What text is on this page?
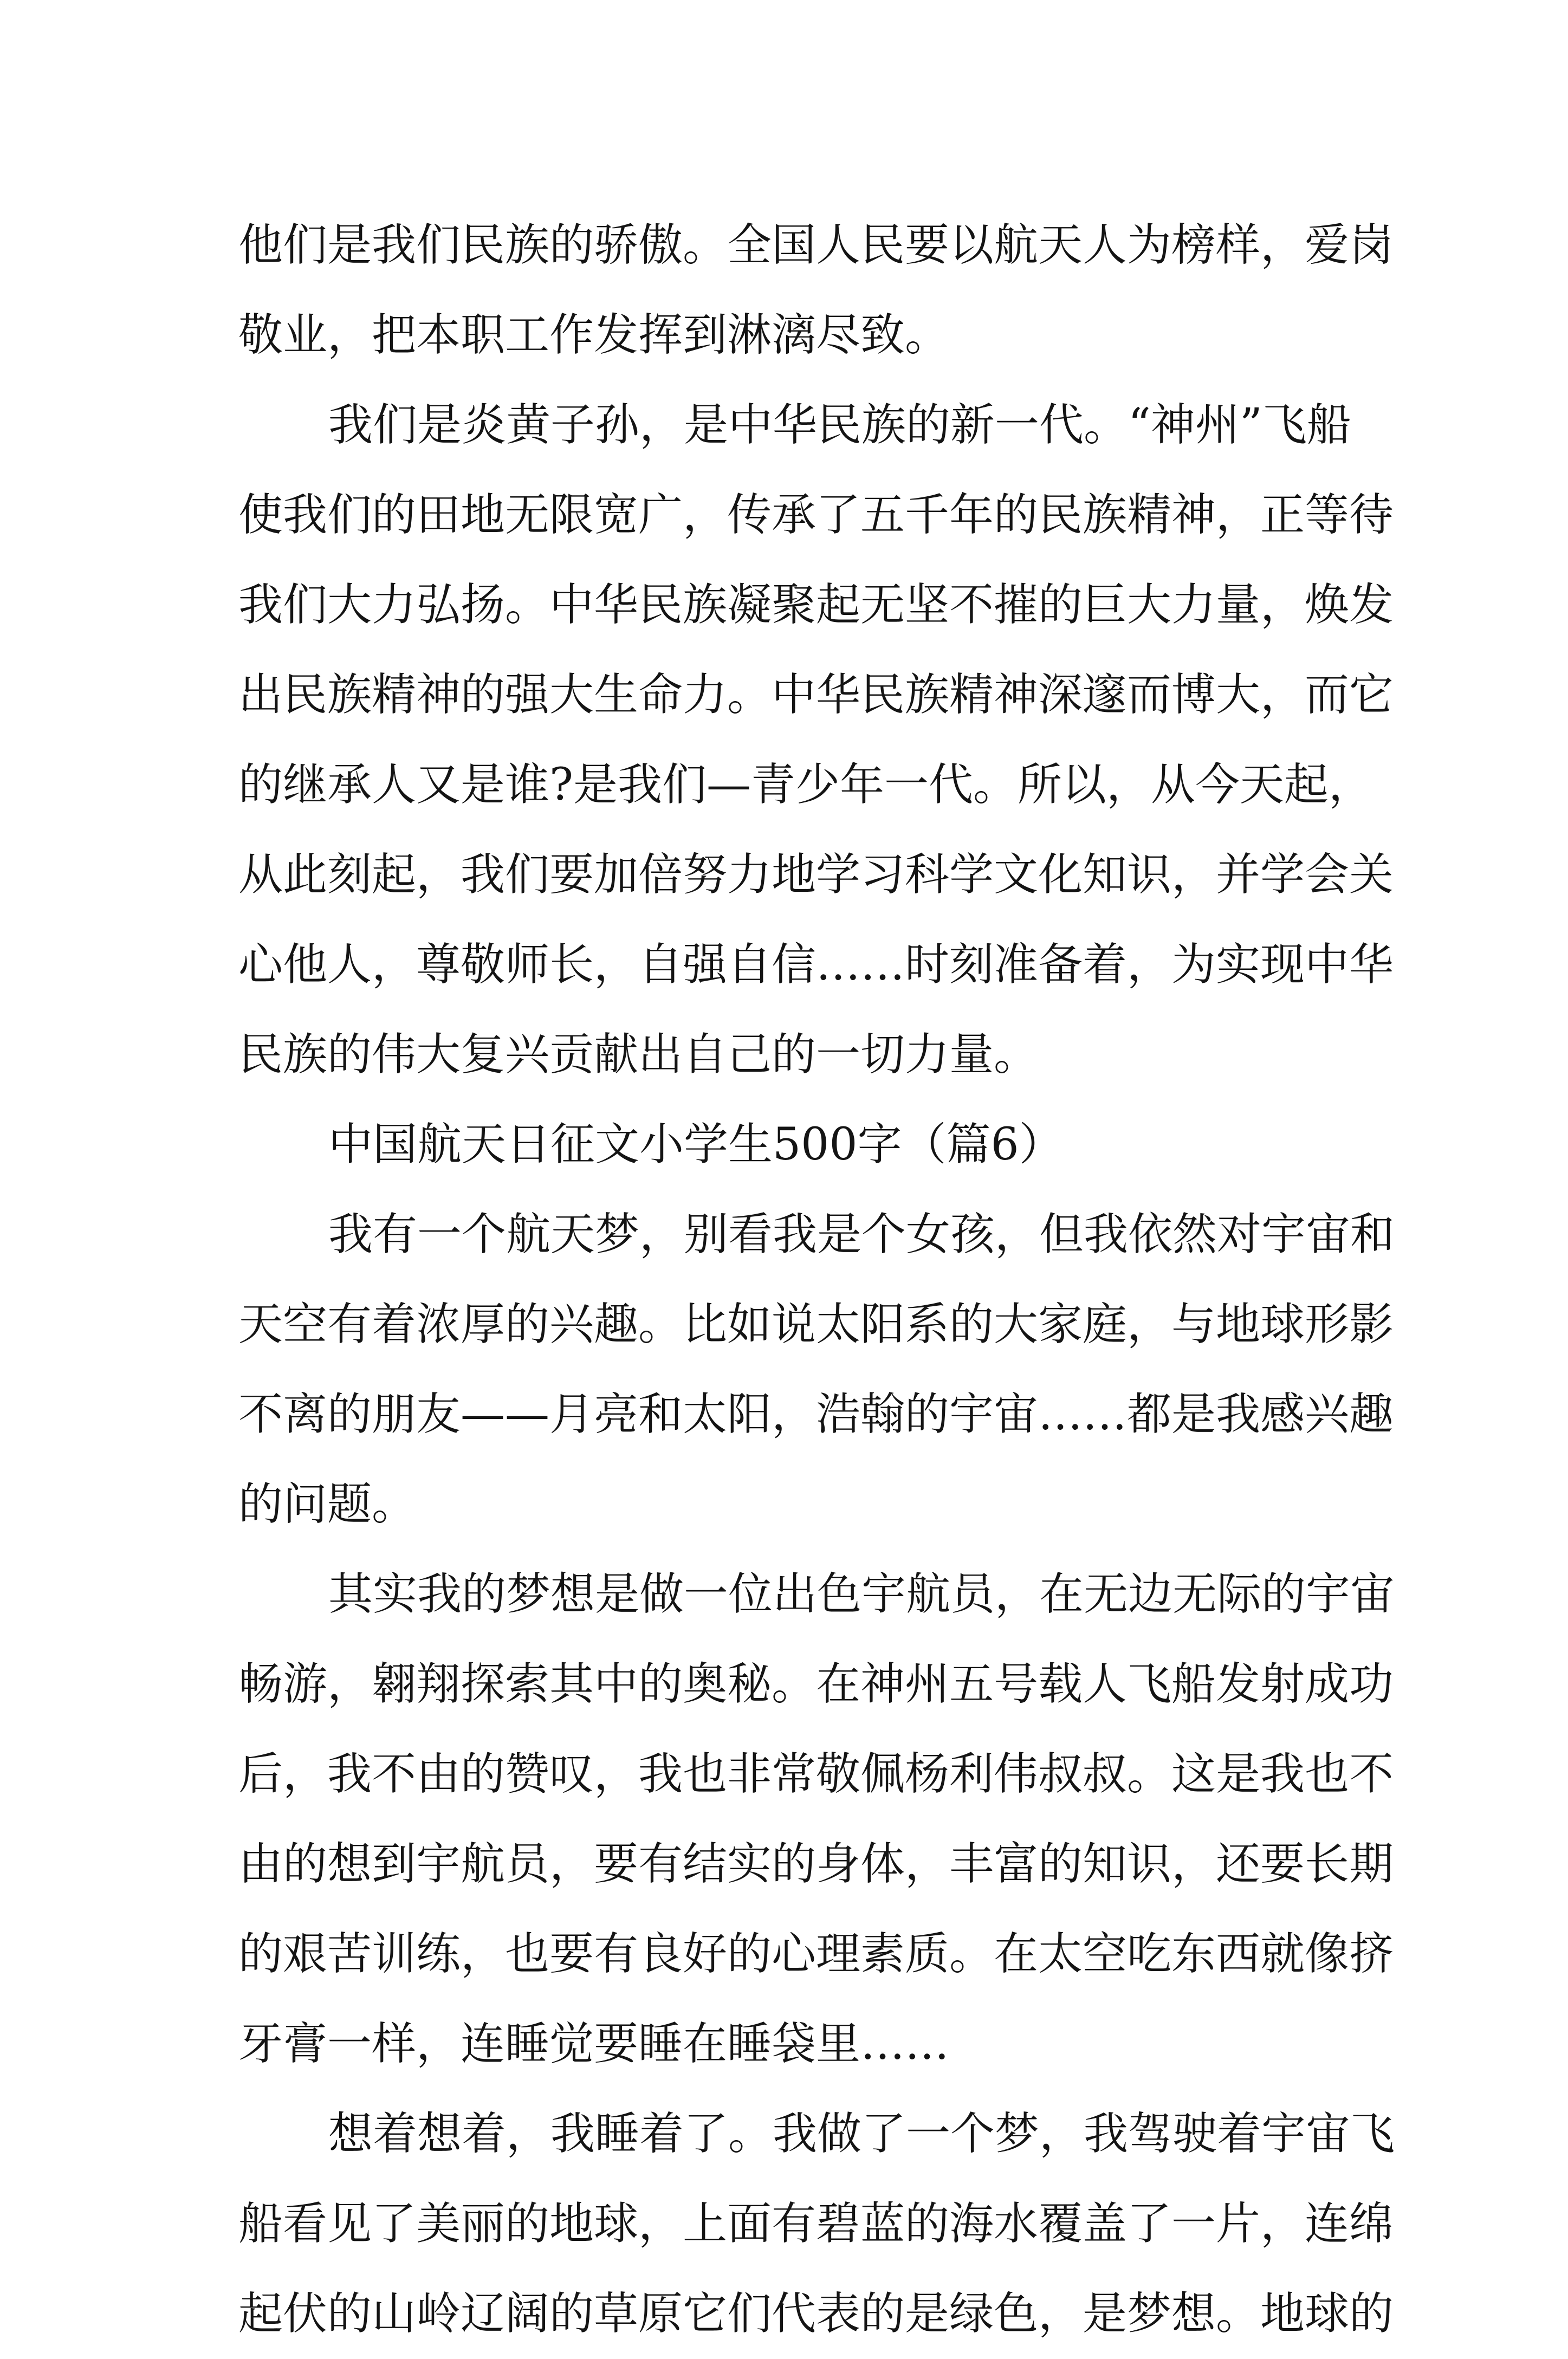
他们是我们民族的骄傲。全国人民要以航天人为榜样，爱岗
敬业，把本职工作发挥到淋漓尽致。
我们是炎黄子孙，是中华民族的新一代。“神州”飞船
使我们的田地无限宽广，传承了五千年的民族精神，正等待
我们大力弘扬。中华民族凝聚起无坚不摧的巨大力量，焕发
出民族精神的强大生命力。中华民族精神深邃而博大，而它
的继承人又是谁?是我们—青少年一代。所以，从今天起，
从此刻起，我们要加倍努力地学习科学文化知识，并学会关
心他人，尊敬师长，自强自信……时刻准备着，为实现中华
民族的伟大复兴贡献出自己的一切力量。
中国航天日征文小学生500字（篇6）
我有一个航天梦，别看我是个女孩，但我依然对宇宙和
天空有着浓厚的兴趣。比如说太阳系的大家庭，与地球形影
不离的朋友——月亮和太阳，浩翰的宇宙……都是我感兴趣
的问题。
其实我的梦想是做一位出色宇航员，在无边无际的宇宙
畅游，翱翔探索其中的奥秘。在神州五号载人飞船发射成功
后，我不由的赞叹，我也非常敬佩杨利伟叔叔。这是我也不
由的想到宇航员，要有结实的身体，丰富的知识，还要长期
的艰苦训练，也要有良好的心理素质。在太空吃东西就像挤
牙膏一样，连睡觉要睡在睡袋里……
想着想着，我睡着了。我做了一个梦，我驾驶着宇宙飞
船看见了美丽的地球，上面有碧蓝的海水覆盖了一片，连绵
起伏的山岭辽阔的草原它们代表的是绿色，是梦想。地球的
